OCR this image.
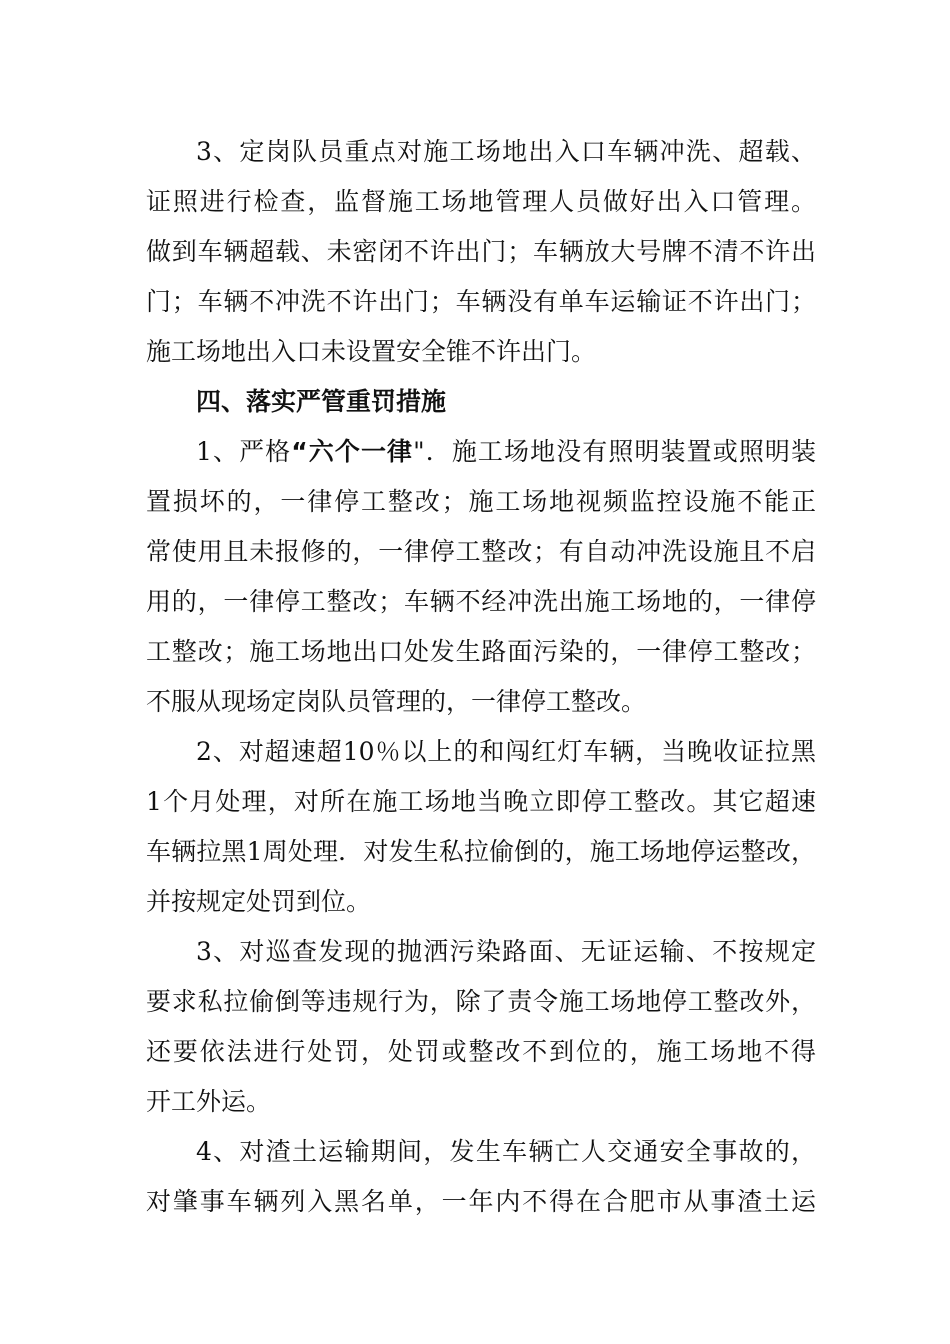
3、定岗队员重点对施工场地出入口车辆冲洗、超载、
证照进行检查，监督施工场地管理人员做好出入口管理。
做到车辆超载、未密闭不许出门；车辆放大号牌不清不许出
门；车辆不冲洗不许出门；车辆没有单车运输证不许出门；
施工场地出入口未设置安全锥不许出门。
四、落实严管重罚措施
1、严格“六个一律"．施工场地没有照明装置或照明装
置损坏的，一律停工整改；施工场地视频监控设施不能正
常使用且未报修的，一律停工整改；有自动冲洗设施且不启
用的，一律停工整改；车辆不经冲洗出施工场地的，一律停
工整改；施工场地出口处发生路面污染的，一律停工整改；
不服从现场定岗队员管理的，一律停工整改。
2、对超速超10％以上的和闯红灯车辆，当晚收证拉黑
1个月处理，对所在施工场地当晚立即停工整改。其它超速
车辆拉黑1周处理．对发生私拉偷倒的，施工场地停运整改，
并按规定处罚到位。
3、对巡查发现的抛洒污染路面、无证运输、不按规定
要求私拉偷倒等违规行为，除了责令施工场地停工整改外，
还要依法进行处罚，处罚或整改不到位的，施工场地不得
开工外运。
4、对渣土运输期间，发生车辆亡人交通安全事故的，
对肇事车辆列入黑名单，一年内不得在合肥市从事渣土运
